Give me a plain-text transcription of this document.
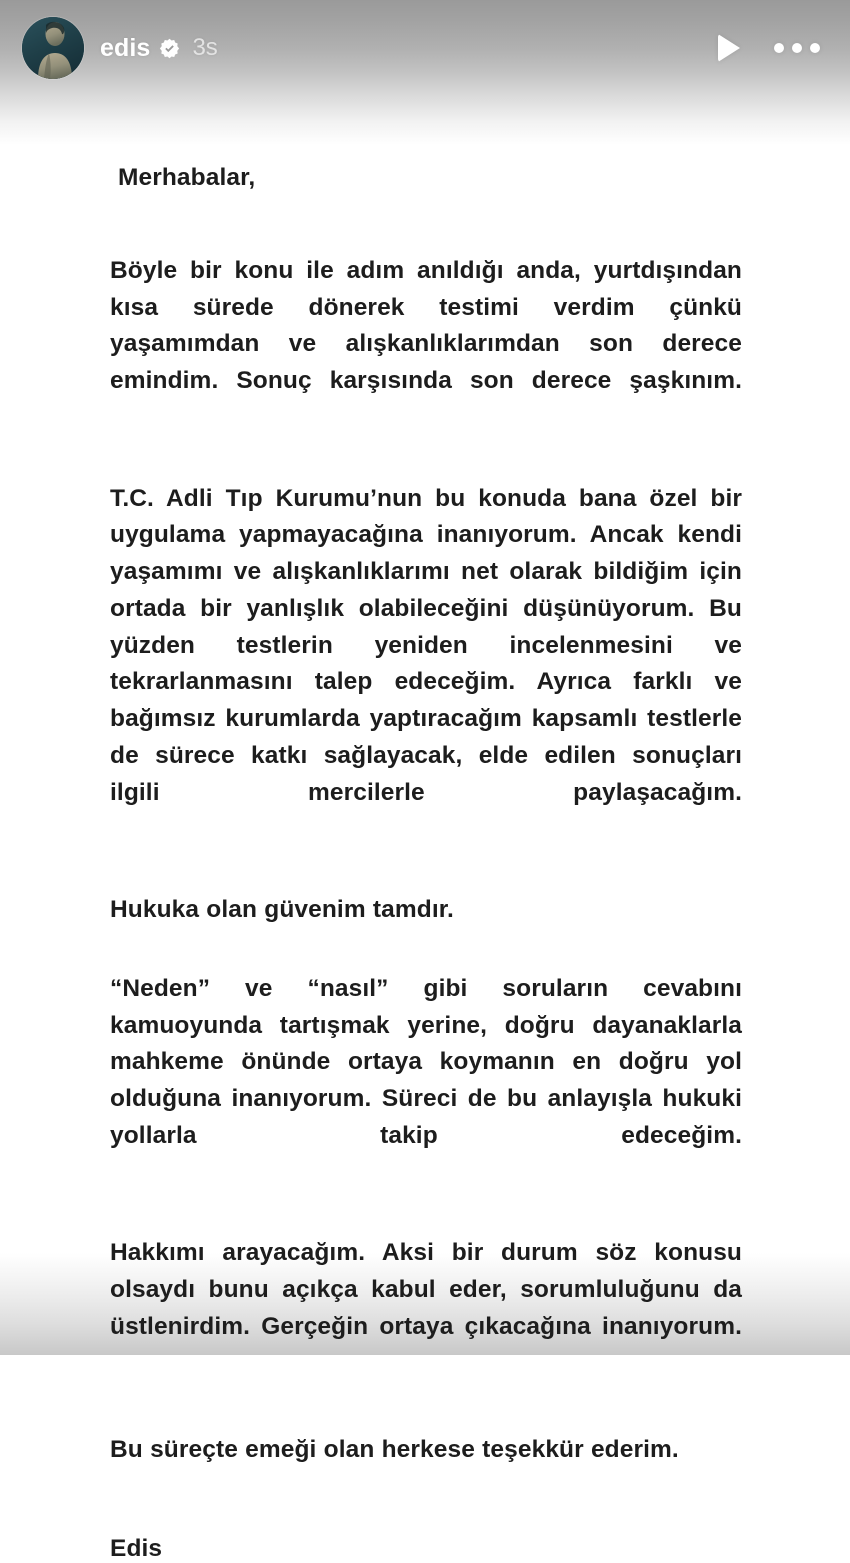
edis 3s
Merhabalar,
Böyle bir konu ile adım anıldığı anda, yurtdışından kısa sürede dönerek testimi verdim çünkü yaşamımdan ve alışkanlıklarımdan son derece emindim. Sonuç karşısında son derece şaşkınım.
T.C. Adli Tıp Kurumu’nun bu konuda bana özel bir uygulama yapmayacağına inanıyorum. Ancak kendi yaşamımı ve alışkanlıklarımı net olarak bildiğim için ortada bir yanlışlık olabileceğini düşünüyorum. Bu yüzden testlerin yeniden incelenmesini ve tekrarlanmasını talep edeceğim. Ayrıca farklı ve bağımsız kurumlarda yaptıracağım kapsamlı testlerle de sürece katkı sağlayacak, elde edilen sonuçları ilgili mercilerle paylaşacağım.
Hukuka olan güvenim tamdır.
“Neden” ve “nasıl” gibi soruların cevabını kamuoyunda tartışmak yerine, doğru dayanaklarla mahkeme önünde ortaya koymanın en doğru yol olduğuna inanıyorum. Süreci de bu anlayışla hukuki yollarla takip edeceğim.
Hakkımı arayacağım. Aksi bir durum söz konusu olsaydı bunu açıkça kabul eder, sorumluluğunu da üstlenirdim. Gerçeğin ortaya çıkacağına inanıyorum.
Bu süreçte emeği olan herkese teşekkür ederim.
Edis
